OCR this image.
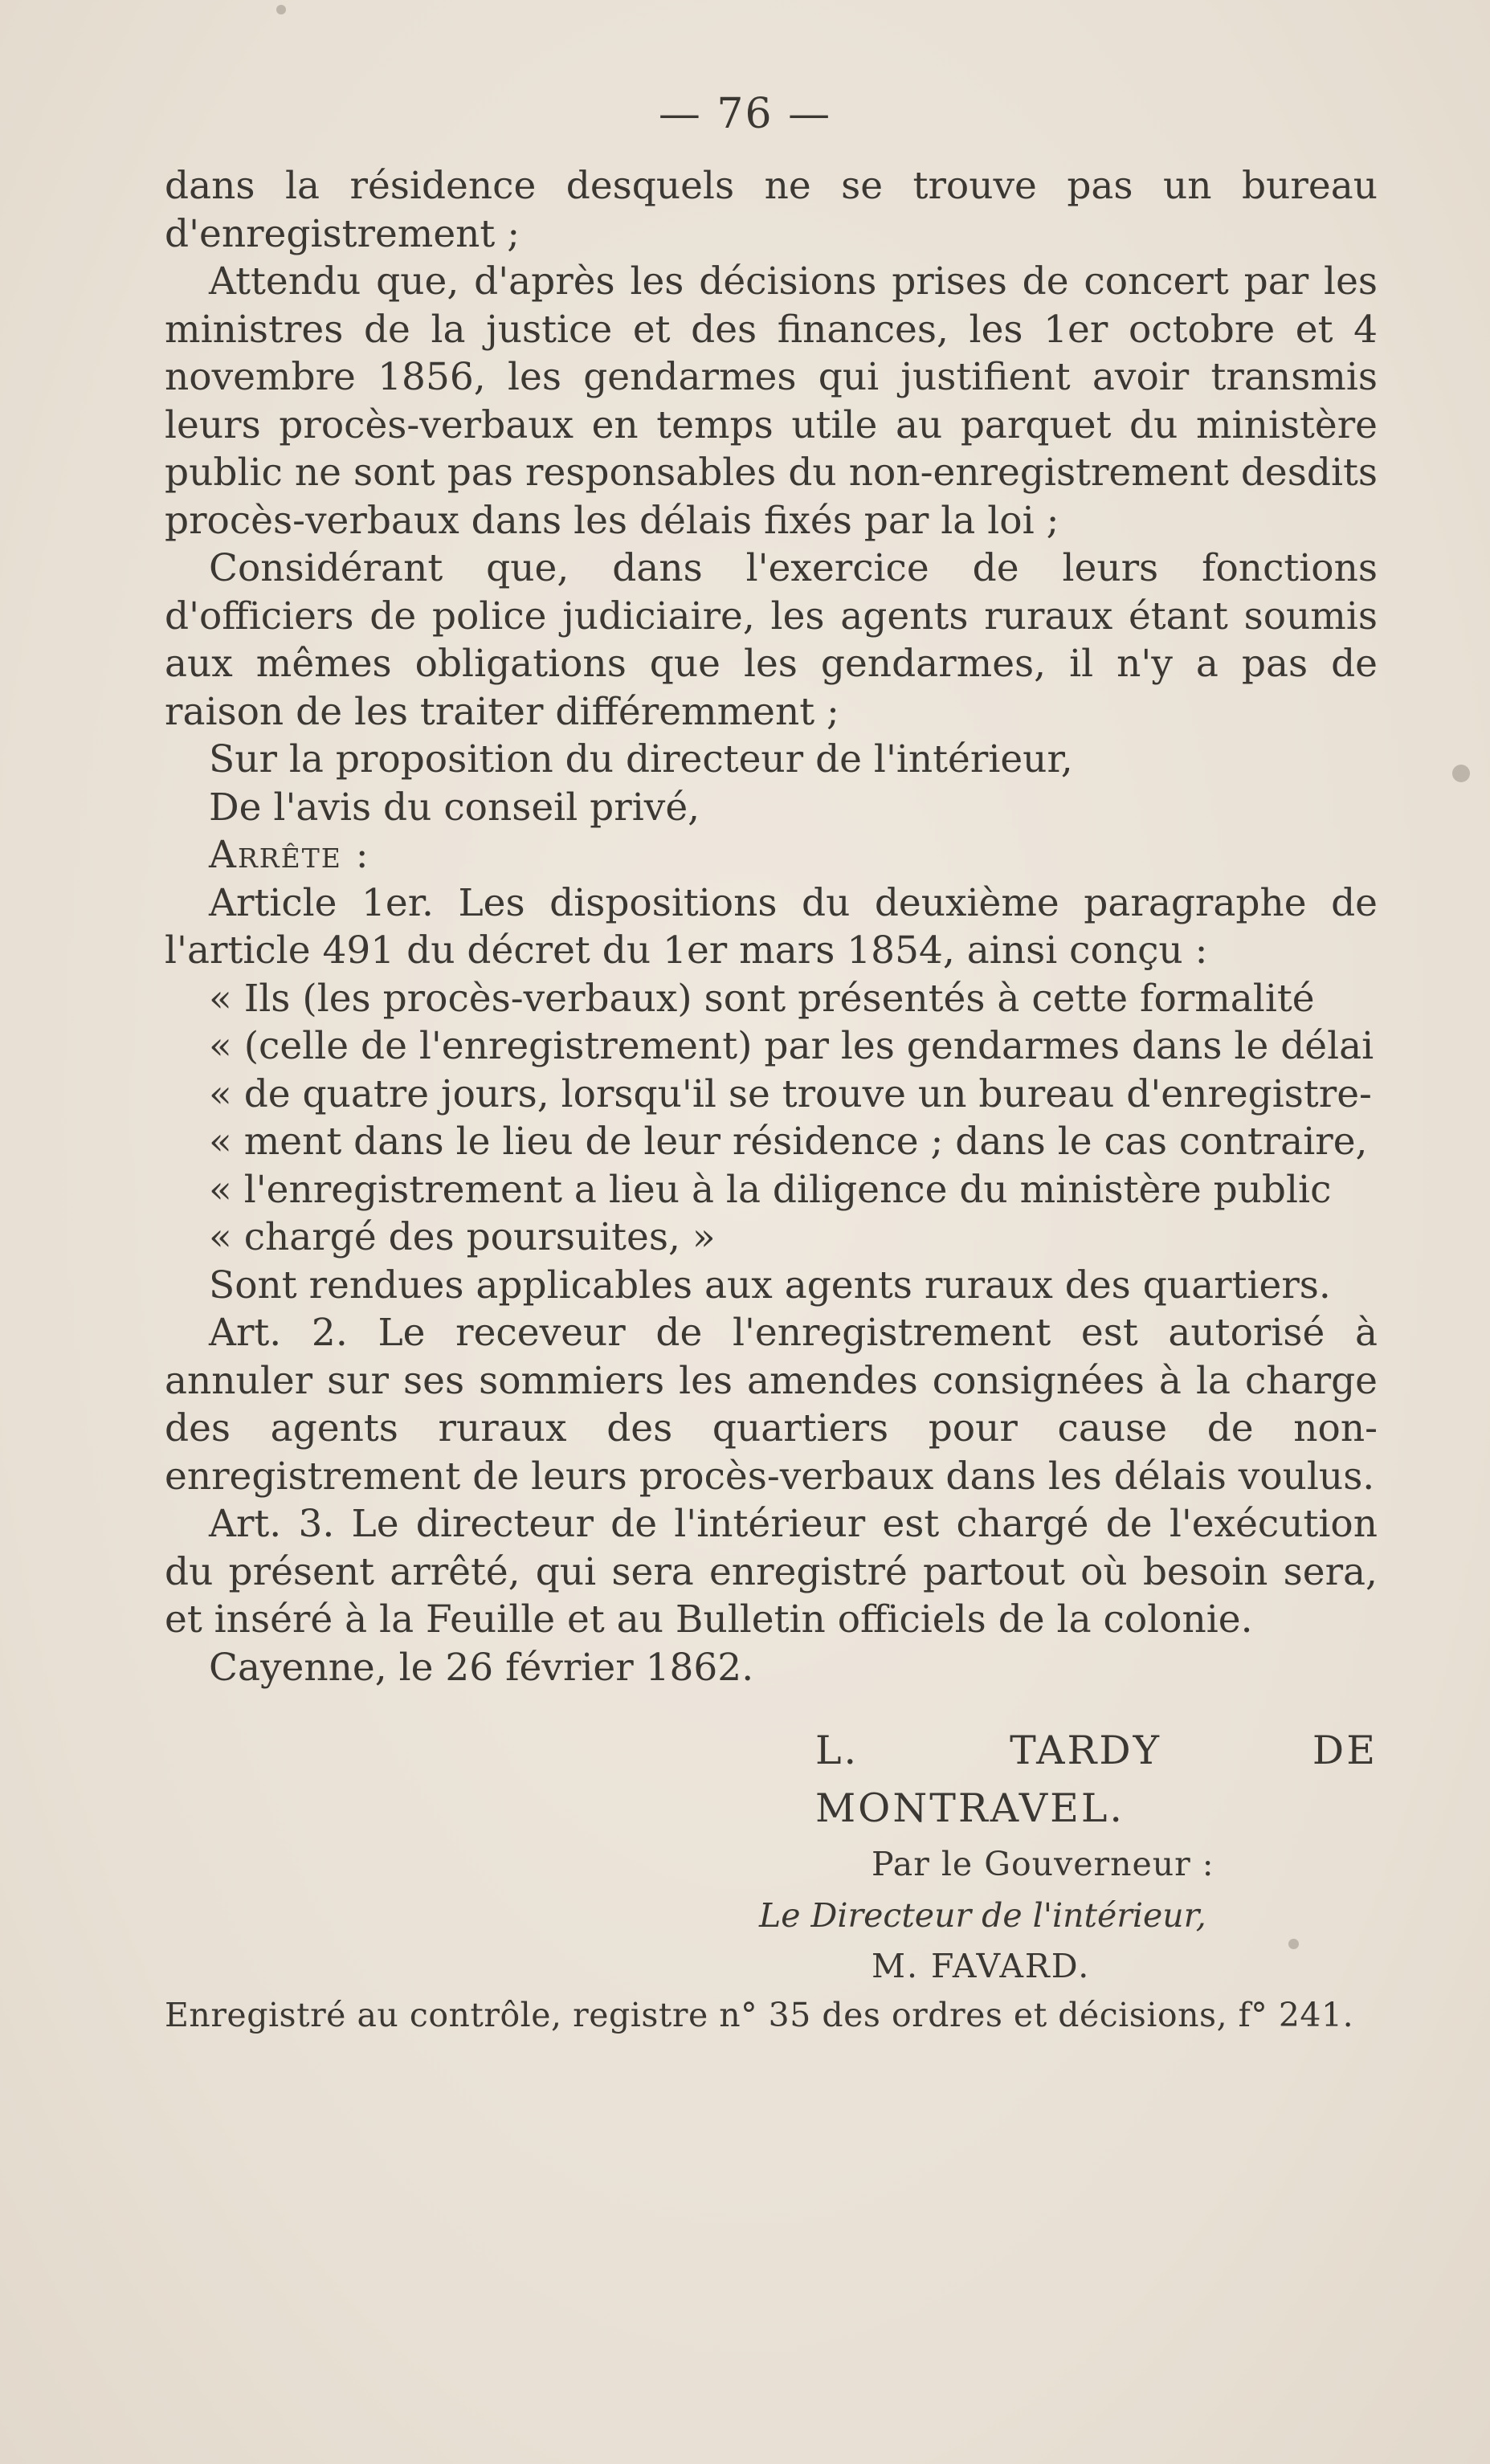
— 76 —

dans la résidence desquels ne se trouve pas un bureau d'enregistrement ;

Attendu que, d'après les décisions prises de concert par les ministres de la justice et des finances, les 1er octobre et 4 novembre 1856, les gendarmes qui justifient avoir transmis leurs procès-verbaux en temps utile au parquet du ministère public ne sont pas responsables du non-enregistrement desdits procès-verbaux dans les délais fixés par la loi ;

Considérant que, dans l'exercice de leurs fonctions d'officiers de police judiciaire, les agents ruraux étant soumis aux mêmes obligations que les gendarmes, il n'y a pas de raison de les traiter différemment ;

Sur la proposition du directeur de l'intérieur,

De l'avis du conseil privé,

Arrête :

Article 1er. Les dispositions du deuxième paragraphe de l'article 491 du décret du 1er mars 1854, ainsi conçu :

« Ils (les procès-verbaux) sont présentés à cette formalité
« (celle de l'enregistrement) par les gendarmes dans le délai
« de quatre jours, lorsqu'il se trouve un bureau d'enregistre-
« ment dans le lieu de leur résidence ; dans le cas contraire,
« l'enregistrement a lieu à la diligence du ministère public
« chargé des poursuites, »

Sont rendues applicables aux agents ruraux des quartiers.

Art. 2. Le receveur de l'enregistrement est autorisé à annuler sur ses sommiers les amendes consignées à la charge des agents ruraux des quartiers pour cause de non-enregistrement de leurs procès-verbaux dans les délais voulus.

Art. 3. Le directeur de l'intérieur est chargé de l'exécution du présent arrêté, qui sera enregistré partout où besoin sera, et inséré à la Feuille et au Bulletin officiels de la colonie.

Cayenne, le 26 février 1862.

L. TARDY DE MONTRAVEL.
Par le Gouverneur :
Le Directeur de l'intérieur,
M. FAVARD.

Enregistré au contrôle, registre n° 35 des ordres et décisions, f° 241.
